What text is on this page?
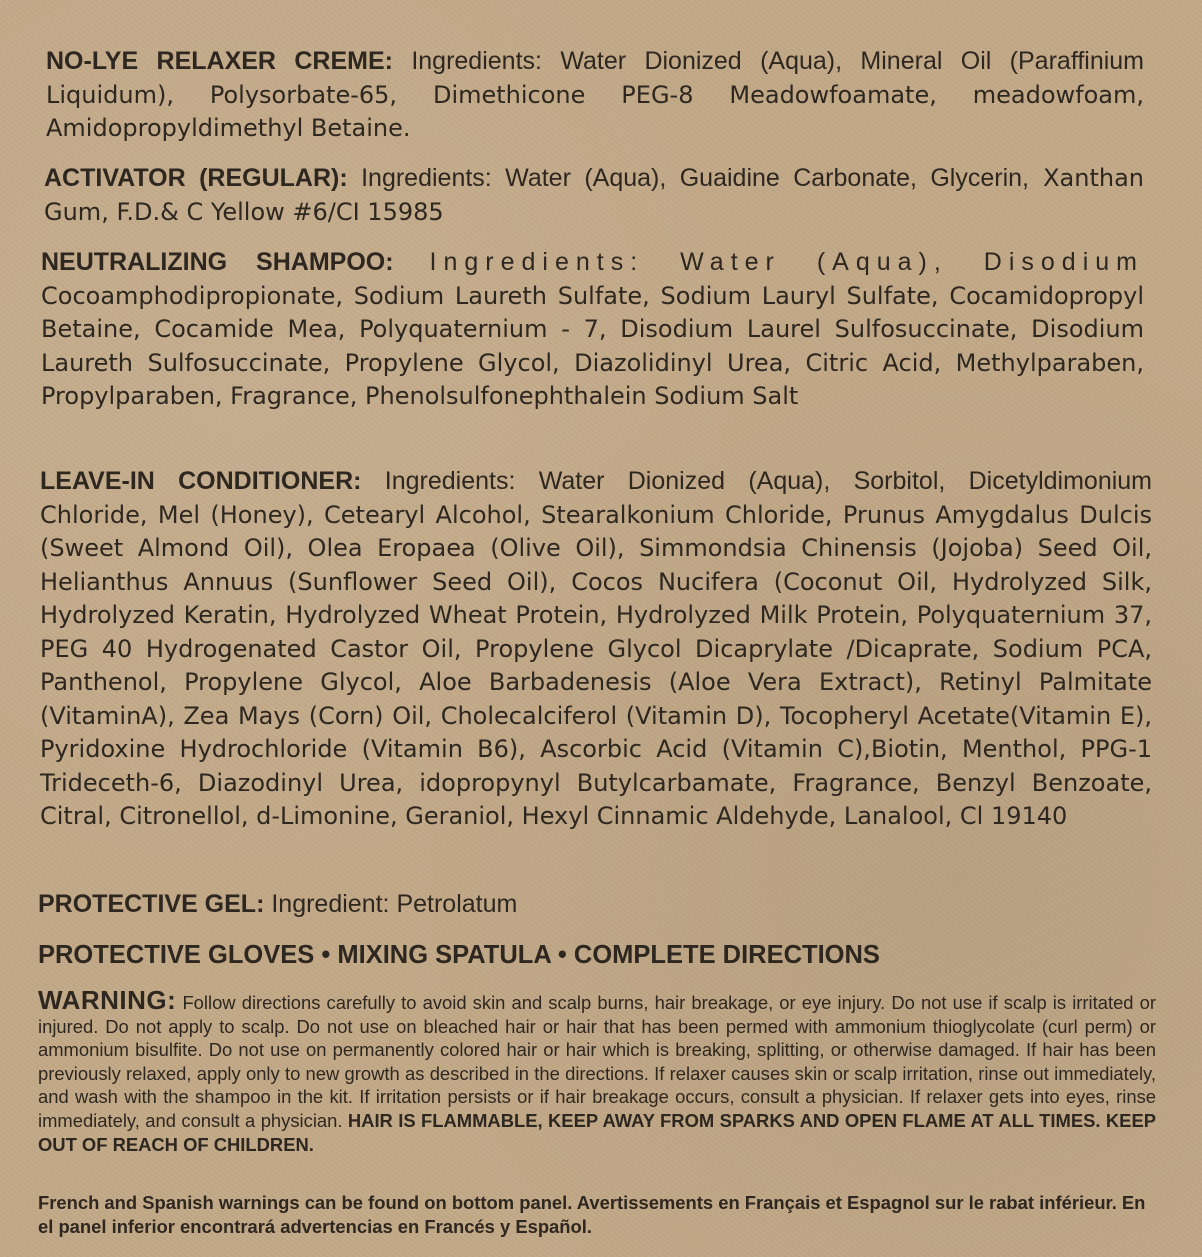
NO-LYE RELAXER CREME: Ingredients: Water Dionized (Aqua), Mineral Oil (Paraffinium Liquidum), Polysorbate-65, Dimethicone PEG-8 Meadowfoamate, meadowfoam, Amidopropyldimethyl Betaine.
ACTIVATOR (REGULAR): Ingredients: Water (Aqua), Guaidine Carbonate, Glycerin, Xanthan Gum, F.D.& C Yellow #6/CI 15985
NEUTRALIZING SHAMPOO: Ingredients: Water (Aqua), Disodium Cocoamphodipropionate, Sodium Laureth Sulfate, Sodium Lauryl Sulfate, Cocamidopropyl Betaine, Cocamide Mea, Polyquaternium - 7, Disodium Laurel Sulfosuccinate, Disodium Laureth Sulfosuccinate, Propylene Glycol, Diazolidinyl Urea, Citric Acid, Methylparaben, Propylparaben, Fragrance, Phenolsulfonephthalein Sodium Salt
LEAVE-IN CONDITIONER: Ingredients: Water Dionized (Aqua), Sorbitol, Dicetyldimonium Chloride, Mel (Honey), Cetearyl Alcohol, Stearalkonium Chloride, Prunus Amygdalus Dulcis (Sweet Almond Oil), Olea Eropaea (Olive Oil), Simmondsia Chinensis (Jojoba) Seed Oil, Helianthus Annuus (Sunflower Seed Oil), Cocos Nucifera (Coconut Oil, Hydrolyzed Silk, Hydrolyzed Keratin, Hydrolyzed Wheat Protein, Hydrolyzed Milk Protein, Polyquaternium 37, PEG 40 Hydrogenated Castor Oil, Propylene Glycol Dicaprylate /Dicaprate, Sodium PCA, Panthenol, Propylene Glycol, Aloe Barbadenesis (Aloe Vera Extract), Retinyl Palmitate (VitaminA), Zea Mays (Corn) Oil, Cholecalciferol (Vitamin D), Tocopheryl Acetate(Vitamin E), Pyridoxine Hydrochloride (Vitamin B6), Ascorbic Acid (Vitamin C),Biotin, Menthol, PPG-1 Trideceth-6, Diazodinyl Urea, idopropynyl Butylcarbamate, Fragrance, Benzyl Benzoate, Citral, Citronellol, d-Limonine, Geraniol, Hexyl Cinnamic Aldehyde, Lanalool, Cl 19140
PROTECTIVE GEL: Ingredient: Petrolatum
PROTECTIVE GLOVES • MIXING SPATULA • COMPLETE DIRECTIONS
WARNING: Follow directions carefully to avoid skin and scalp burns, hair breakage, or eye injury. Do not use if scalp is irritated or injured. Do not apply to scalp. Do not use on bleached hair or hair that has been permed with ammonium thioglycolate (curl perm) or ammonium bisulfite. Do not use on permanently colored hair or hair which is breaking, splitting, or otherwise damaged. If hair has been previously relaxed, apply only to new growth as described in the directions. If relaxer causes skin or scalp irritation, rinse out immediately, and wash with the shampoo in the kit. If irritation persists or if hair breakage occurs, consult a physician. If relaxer gets into eyes, rinse immediately, and consult a physician. HAIR IS FLAMMABLE, KEEP AWAY FROM SPARKS AND OPEN FLAME AT ALL TIMES. KEEP OUT OF REACH OF CHILDREN.
French and Spanish warnings can be found on bottom panel. Avertissements en Français et Espagnol sur le rabat inférieur. En el panel inferior encontrará advertencias en Francés y Español.
